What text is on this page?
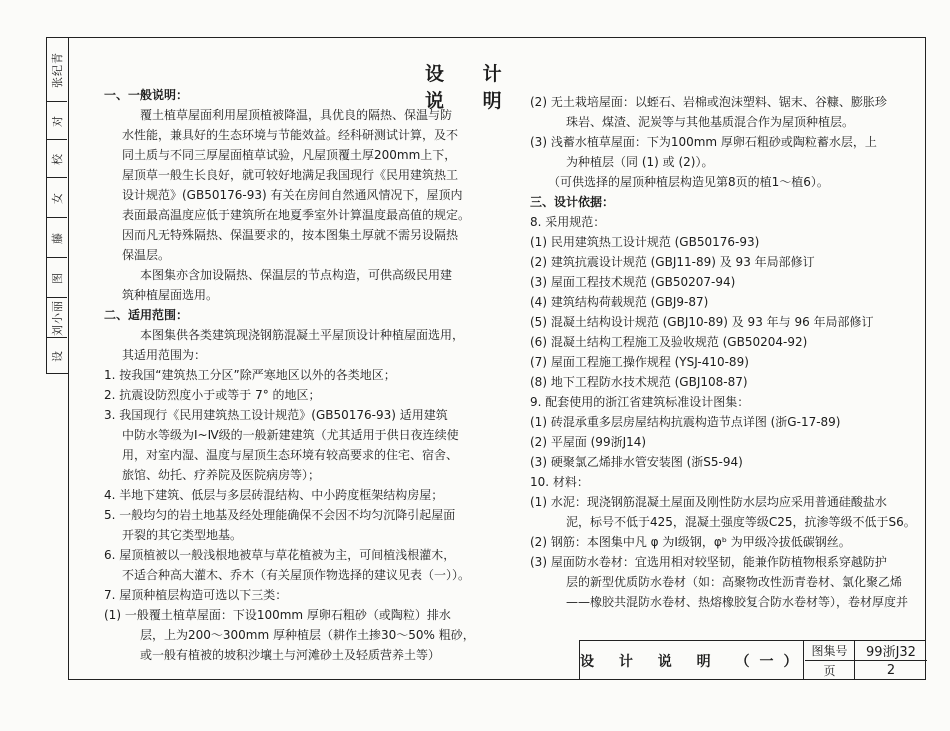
张纪青
对
校
女
藤
图
刘小丽
设
设 计 说 明

一、一般说明：

覆土植草屋面利用屋顶植被降温，具优良的隔热、保温与防

水性能，兼具好的生态环境与节能效益。经科研测试计算，及不

同土质与不同三厚屋面植草试验，凡屋顶覆土厚200mm上下，

屋顶草一般生长良好，就可较好地满足我国现行《民用建筑热工

设计规范》(GB50176-93) 有关在房间自然通风情况下，屋顶内

表面最高温度应低于建筑所在地夏季室外计算温度最高值的规定。

因而凡无特殊隔热、保温要求的，按本图集土厚就不需另设隔热

保温层。

本图集亦含加设隔热、保温层的节点构造，可供高级民用建

筑种植屋面选用。

二、适用范围：

本图集供各类建筑现浇钢筋混凝土平屋顶设计种植屋面选用，

其适用范围为：

1. 按我国“建筑热工分区”除严寒地区以外的各类地区；

2. 抗震设防烈度小于或等于 7° 的地区；

3. 我国现行《民用建筑热工设计规范》(GB50176-93) 适用建筑

中防水等级为Ⅰ~Ⅳ级的一般新建建筑（尤其适用于供日夜连续使

用，对室内湿、温度与屋顶生态环境有较高要求的住宅、宿舍、

旅馆、幼托、疗养院及医院病房等）；

4. 半地下建筑、低层与多层砖混结构、中小跨度框架结构房屋；

5. 一般均匀的岩土地基及经处理能确保不会因不均匀沉降引起屋面

开裂的其它类型地基。

6. 屋顶植被以一般浅根地被草与草花植被为主，可间植浅根灌木，

不适合种高大灌木、乔木（有关屋顶作物选择的建议见表（一））。

7. 屋顶种植层构造可选以下三类：

(1) 一般覆土植草屋面：下设100mm 厚卵石粗砂（或陶粒）排水

层，上为200～300mm 厚种植层（耕作土掺30～50% 粗砂，

或一般有植被的坡积沙壤土与河滩砂土及轻质营养土等）

(2) 无土栽培屋面：以蛭石、岩棉或泡沫塑料、锯末、谷糠、膨胀珍

珠岩、煤渣、泥炭等与其他基质混合作为屋顶种植层。

(3) 浅蓄水植草屋面：下为100mm 厚卵石粗砂或陶粒蓄水层，上

为种植层（同 (1) 或 (2)）。

（可供选择的屋顶种植层构造见第8页的植1～植6）。

三、设计依据：

8. 采用规范：

(1) 民用建筑热工设计规范 (GB50176-93)

(2) 建筑抗震设计规范 (GBJ11-89) 及 93 年局部修订

(3) 屋面工程技术规范 (GB50207-94)

(4) 建筑结构荷载规范 (GBJ9-87)

(5) 混凝土结构设计规范 (GBJ10-89) 及 93 年与 96 年局部修订

(6) 混凝土结构工程施工及验收规范 (GB50204-92)

(7) 屋面工程施工操作规程 (YSJ-410-89)

(8) 地下工程防水技术规范 (GBJ108-87)

9. 配套使用的浙江省建筑标准设计图集：

(1) 砖混承重多层房屋结构抗震构造节点详图 (浙G-17-89)

(2) 平屋面 (99浙J14)

(3) 硬聚氯乙烯排水管安装图 (浙S5-94)

10. 材料：

(1) 水泥：现浇钢筋混凝土屋面及刚性防水层均应采用普通硅酸盐水

泥，标号不低于425，混凝土强度等级C25，抗渗等级不低于S6。

(2) 钢筋：本图集中凡 φ 为Ⅰ级钢，φᵇ 为甲级冷拔低碳钢丝。

(3) 屋面防水卷材：宜选用相对较坚韧，能兼作防植物根系穿越防护

层的新型优质防水卷材（如：高聚物改性沥青卷材、氯化聚乙烯

——橡胶共混防水卷材、热熔橡胶复合防水卷材等），卷材厚度并

设 计 说 明 （一）
图集号	99浙J32
页	2
